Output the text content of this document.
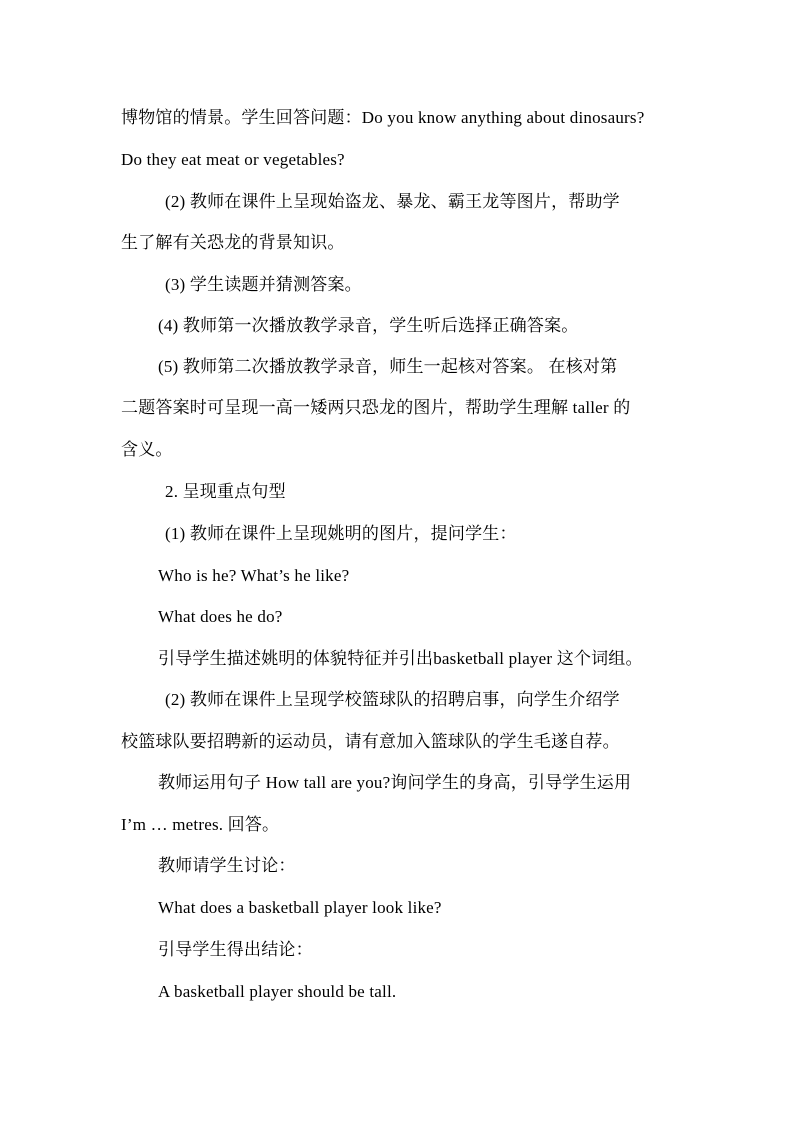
博物馆的情景。学生回答问题：Do you know anything about dinosaurs?
Do they eat meat or vegetables?
(2) 教师在课件上呈现始盗龙、暴龙、霸王龙等图片，帮助学
生了解有关恐龙的背景知识。
(3) 学生读题并猜测答案。
(4) 教师第一次播放教学录音，学生听后选择正确答案。
(5) 教师第二次播放教学录音，师生一起核对答案。 在核对第
二题答案时可呈现一高一矮两只恐龙的图片，帮助学生理解 taller 的
含义。
2. 呈现重点句型
(1) 教师在课件上呈现姚明的图片，提问学生：
Who is he? What’s he like?
What does he do?
引导学生描述姚明的体貌特征并引出basketball player 这个词组。
(2) 教师在课件上呈现学校篮球队的招聘启事，向学生介绍学
校篮球队要招聘新的运动员，请有意加入篮球队的学生毛遂自荐。
教师运用句子 How tall are you?询问学生的身高，引导学生运用
I’m … metres. 回答。
教师请学生讨论：
What does a basketball player look like?
引导学生得出结论：
A basketball player should be tall.
